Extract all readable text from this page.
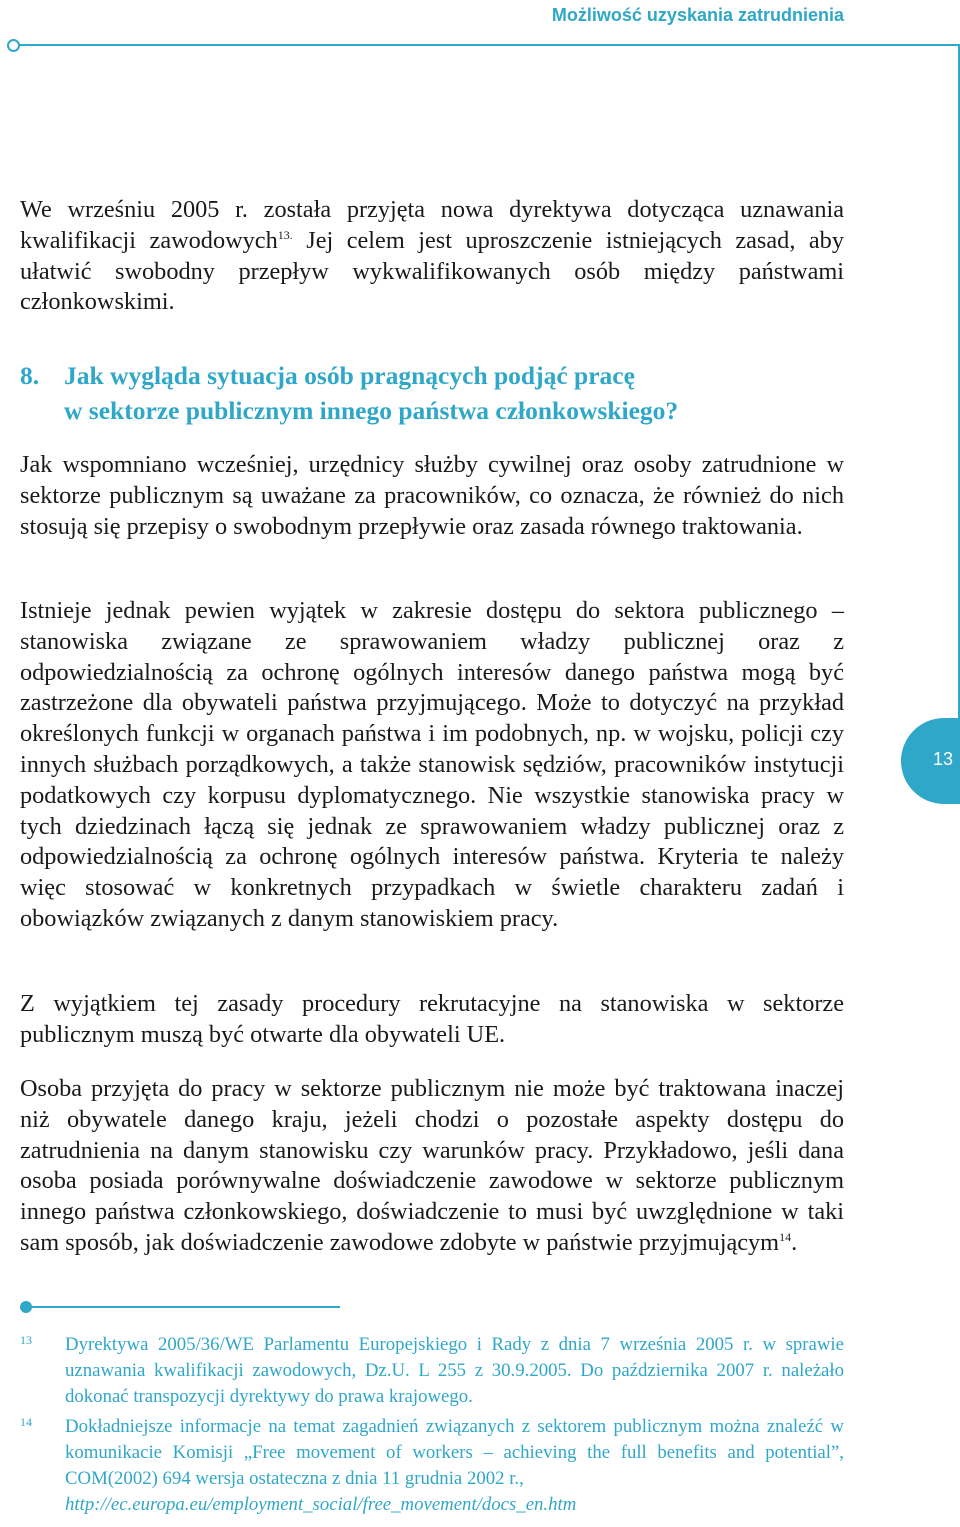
Możliwość uzyskania zatrudnienia
13

We wrześniu 2005 r. została przyjęta nowa dyrektywa dotycząca uznawania kwalifikacji zawodowych$^{13.}$ Jej celem jest uproszczenie istniejących zasad, aby ułatwić swobodny przepływ wykwalifikowanych osób między państwami członkowskimi.

8. Jak wygląda sytuacja osób pragnących podjąć pracę
w sektorze publicznym innego państwa członkowskiego?

Jak wspomniano wcześniej, urzędnicy służby cywilnej oraz osoby zatrudnione w sektorze publicznym są uważane za pracowników, co oznacza, że również do nich stosują się przepisy o swobodnym przepływie oraz zasada równego traktowania.

Istnieje jednak pewien wyjątek w zakresie dostępu do sektora publicznego – stanowiska związane ze sprawowaniem władzy publicznej oraz z odpowiedzialnością za ochronę ogólnych interesów danego państwa mogą być zastrzeżone dla obywateli państwa przyjmującego. Może to dotyczyć na przykład określonych funkcji w organach państwa i im podobnych, np. w wojsku, policji czy innych służbach porządkowych, a także stanowisk sędziów, pracowników instytucji podatkowych czy korpusu dyplomatycznego. Nie wszystkie stanowiska pracy w tych dziedzinach łączą się jednak ze sprawowaniem władzy publicznej oraz z odpowiedzialnością za ochronę ogólnych interesów państwa. Kryteria te należy więc stosować w konkretnych przypadkach w świetle charakteru zadań i obowiązków związanych z danym stanowiskiem pracy.

Z wyjątkiem tej zasady procedury rekrutacyjne na stanowiska w sektorze publicznym muszą być otwarte dla obywateli UE.

Osoba przyjęta do pracy w sektorze publicznym nie może być traktowana inaczej niż obywatele danego kraju, jeżeli chodzi o pozostałe aspekty dostępu do zatrudnienia na danym stanowisku czy warunków pracy. Przykładowo, jeśli dana osoba posiada porównywalne doświadczenie zawodowe w sektorze publicznym innego państwa członkowskiego, doświadczenie to musi być uwzględnione w taki sam sposób, jak doświadczenie zawodowe zdobyte w państwie przyjmującym$^{14}$.

13 Dyrektywa 2005/36/WE Parlamentu Europejskiego i Rady z dnia 7 września 2005 r. w sprawie uznawania kwalifikacji zawodowych, Dz.U. L 255 z 30.9.2005. Do października 2007 r. należało dokonać transpozycji dyrektywy do prawa krajowego.

14 Dokładniejsze informacje na temat zagadnień związanych z sektorem publicznym można znaleźć w komunikacie Komisji „Free movement of workers – achieving the full benefits and potential”, COM(2002) 694 wersja ostateczna z dnia 11 grudnia 2002 r.,
http://ec.europa.eu/employment_social/free_movement/docs_en.htm
